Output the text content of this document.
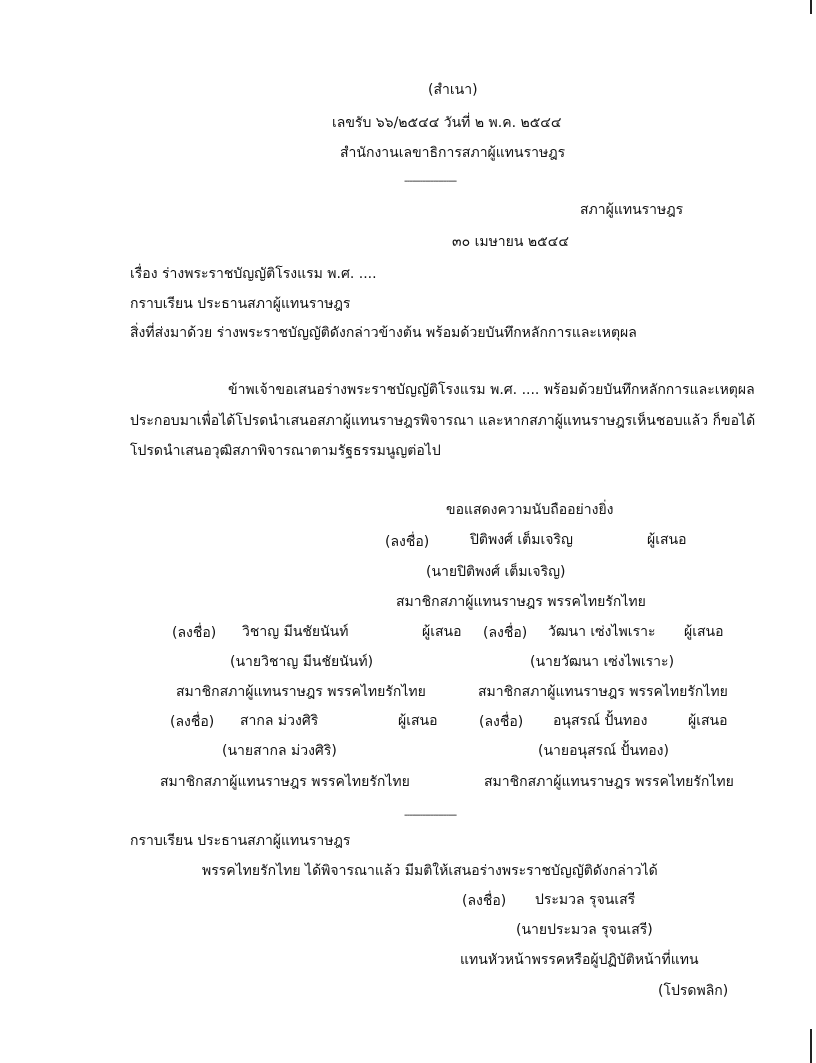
(สำเนา)
เลขรับ ๖๖/๒๕๔๔ วันที่ ๒ พ.ค. ๒๕๔๔
สำนักงานเลขาธิการสภาผู้แทนราษฎร
--------------------
สภาผู้แทนราษฎร
๓๐ เมษายน ๒๕๔๔
เรื่อง ร่างพระราชบัญญัติโรงแรม พ.ศ. ....
กราบเรียน ประธานสภาผู้แทนราษฎร
สิ่งที่ส่งมาด้วย ร่างพระราชบัญญัติดังกล่าวข้างต้น พร้อมด้วยบันทึกหลักการและเหตุผล
ข้าพเจ้าขอเสนอร่างพระราชบัญญัติโรงแรม พ.ศ. .... พร้อมด้วยบันทึกหลักการและเหตุผล
ประกอบมาเพื่อได้โปรดนำเสนอสภาผู้แทนราษฎรพิจารณา และหากสภาผู้แทนราษฎรเห็นชอบแล้ว ก็ขอได้
โปรดนำเสนอวุฒิสภาพิจารณาตามรัฐธรรมนูญต่อไป
ขอแสดงความนับถืออย่างยิ่ง
(ลงชื่อ)	ปิติพงศ์ เต็มเจริญ	ผู้เสนอ
(นายปิติพงศ์ เต็มเจริญ)
สมาชิกสภาผู้แทนราษฎร พรรคไทยรักไทย
(ลงชื่อ) วิชาญ มีนชัยนันท์	ผู้เสนอ (ลงชื่อ) วัฒนา เซ่งไพเราะ ผู้เสนอ
(นายวิชาญ มีนชัยนันท์)	(นายวัฒนา เซ่งไพเราะ)
สมาชิกสภาผู้แทนราษฎร พรรคไทยรักไทย	สมาชิกสภาผู้แทนราษฎร พรรคไทยรักไทย
(ลงชื่อ) สากล ม่วงศิริ	ผู้เสนอ	(ลงชื่อ) อนุสรณ์ ปั้นทอง	ผู้เสนอ
(นายสากล ม่วงศิริ)	(นายอนุสรณ์ ปั้นทอง)
สมาชิกสภาผู้แทนราษฎร พรรคไทยรักไทย	สมาชิกสภาผู้แทนราษฎร พรรคไทยรักไทย
--------------------
กราบเรียน ประธานสภาผู้แทนราษฎร
พรรคไทยรักไทย ได้พิจารณาแล้ว มีมติให้เสนอร่างพระราชบัญญัติดังกล่าวได้
(ลงชื่อ) ประมวล รุจนเสรี
(นายประมวล รุจนเสรี)
แทนหัวหน้าพรรคหรือผู้ปฏิบัติหน้าที่แทน
(โปรดพลิก)
